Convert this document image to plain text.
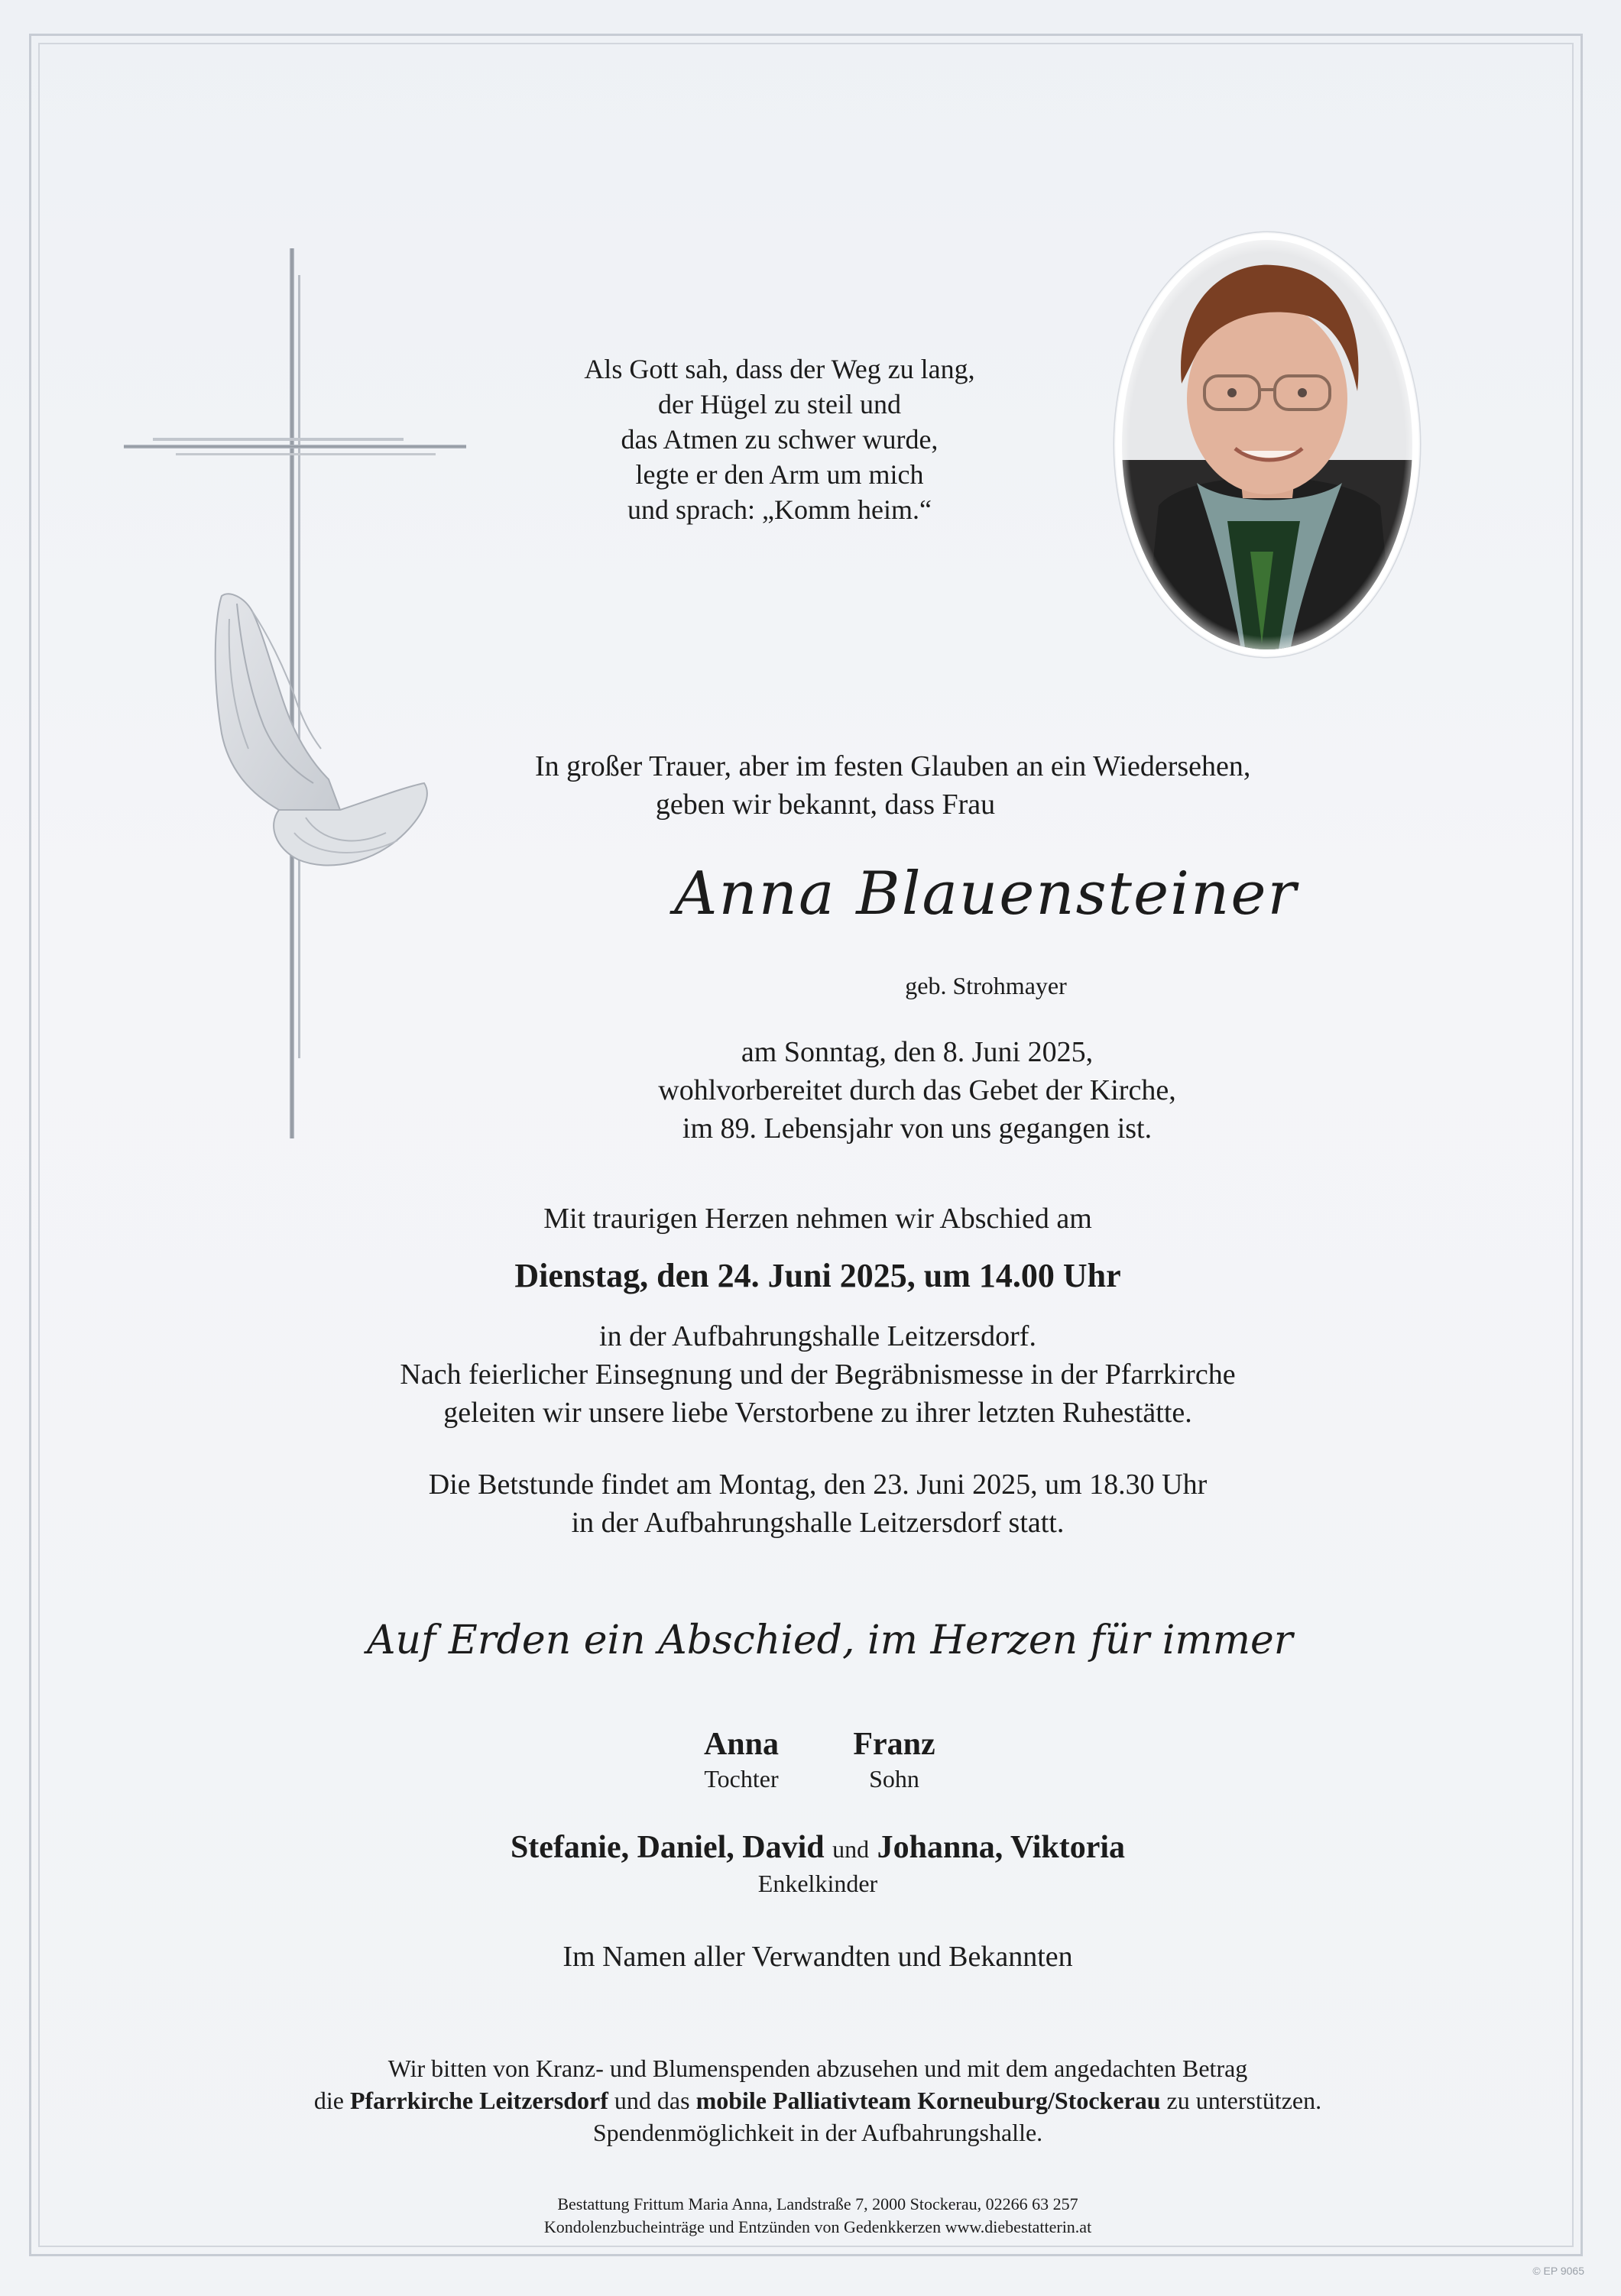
Als Gott sah, dass der Weg zu lang,
der Hügel zu steil und
das Atmen zu schwer wurde,
legte er den Arm um mich
und sprach: „Komm heim.“
In großer Trauer, aber im festen Glauben an ein Wiedersehen,
geben wir bekannt, dass Frau
Anna Blauensteiner
geb. Strohmayer
am Sonntag, den 8. Juni 2025,
wohlvorbereitet durch das Gebet der Kirche,
im 89. Lebensjahr von uns gegangen ist.
Mit traurigen Herzen nehmen wir Abschied am
Dienstag, den 24. Juni 2025, um 14.00 Uhr
in der Aufbahrungshalle Leitzersdorf.
Nach feierlicher Einsegnung und der Begräbnismesse in der Pfarrkirche
geleiten wir unsere liebe Verstorbene zu ihrer letzten Ruhestätte.
Die Betstunde findet am Montag, den 23. Juni 2025, um 18.30 Uhr
in der Aufbahrungshalle Leitzersdorf statt.
Auf Erden ein Abschied, im Herzen für immer
Anna
Tochter
Franz
Sohn
Stefanie, Daniel, David und Johanna, Viktoria
Enkelkinder
Im Namen aller Verwandten und Bekannten
Wir bitten von Kranz- und Blumenspenden abzusehen und mit dem angedachten Betrag
die Pfarrkirche Leitzersdorf und das mobile Palliativteam Korneuburg/Stockerau zu unterstützen.
Spendenmöglichkeit in der Aufbahrungshalle.
Bestattung Frittum Maria Anna, Landstraße 7, 2000 Stockerau, 02266 63 257
Kondolenzbucheinträge und Entzünden von Gedenkkerzen www.diebestatterin.at
© EP 9065
